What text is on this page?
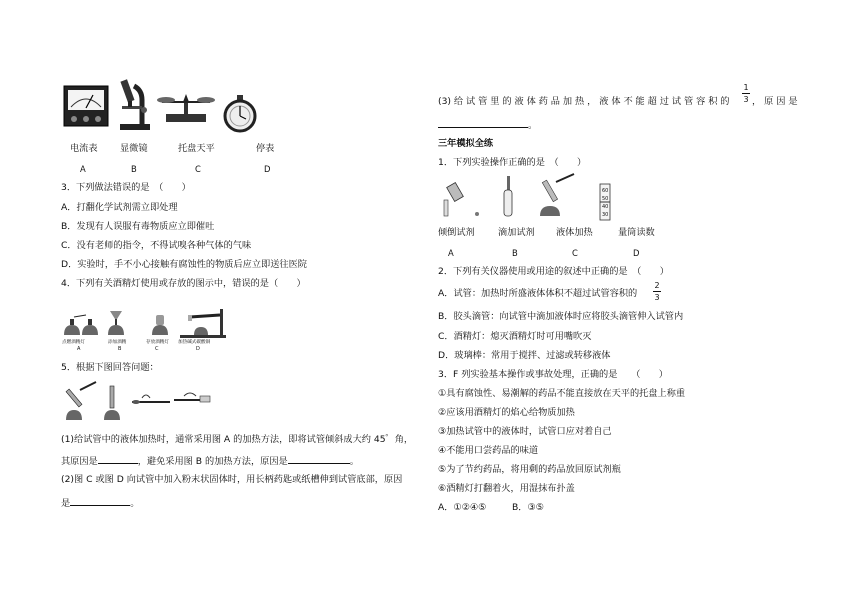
电流表 显微镜	托盘天平	停表
A	B	C	D
3．下列做法错误的是　（　　）
A．打翻化学试剂需立即处理
B．发现有人误服有毒物质应立即催吐
C．没有老师的指令，不得试嗅各种气体的气味
D．实验时，手不小心接触有腐蚀性的物质后应立即送往医院
4．下列有关酒精灯使用或存放的图示中，错误的是（　　）
点燃酒精灯	添加酒精	存放酒精灯 加热碱式碳酸铜
A	B	C	D
5．根据下图回答问题：
(1)给试管中的液体加热时，通常采用图 A 的加热方法，即将试管倾斜成大约 45゜角，
其原因是	，避免采用图 B 的加热方法，原因是	。
(2)图 C 或图 D 向试管中加入粉末状固体时，用长柄药匙或纸槽伸到试管底部，原因
是	。
(3) 给 试 管 里 的 液 体 药 品 加 热 ， 液 体 不 能 超 过 试 管 容 积 的
1
3 ， 原 因 是
。
三年模拟全练
1．下列实验操作正确的是　（　　）
60
50
40
30
倾倒试剂	滴加试剂 液体加热	量筒读数
A	B	C	D
2．下列有关仪器使用或用途的叙述中正确的是　（　　）
A．试管：加热时所盛液体体积不超过试管容积的
2
3
B．胶头滴管：向试管中滴加液体时应将胶头滴管伸入试管内
C．酒精灯：熄灭酒精灯时可用嘴吹灭
D．玻璃棒：常用于搅拌、过滤或转移液体
3．F 列实验基本操作或事故处理，正确的是　　（　　）
①具有腐蚀性、易潮解的药品不能直接放在天平的托盘上称重
②应该用酒精灯的焰心给物质加热
③加热试管中的液体时，试管口应对着自己
④不能用口尝药品的味道
⑤为了节约药品，将用剩的药品放回原试剂瓶
⑥酒精灯打翻着火，用湿抹布扑盖
A．①②④⑤	B．③⑤
